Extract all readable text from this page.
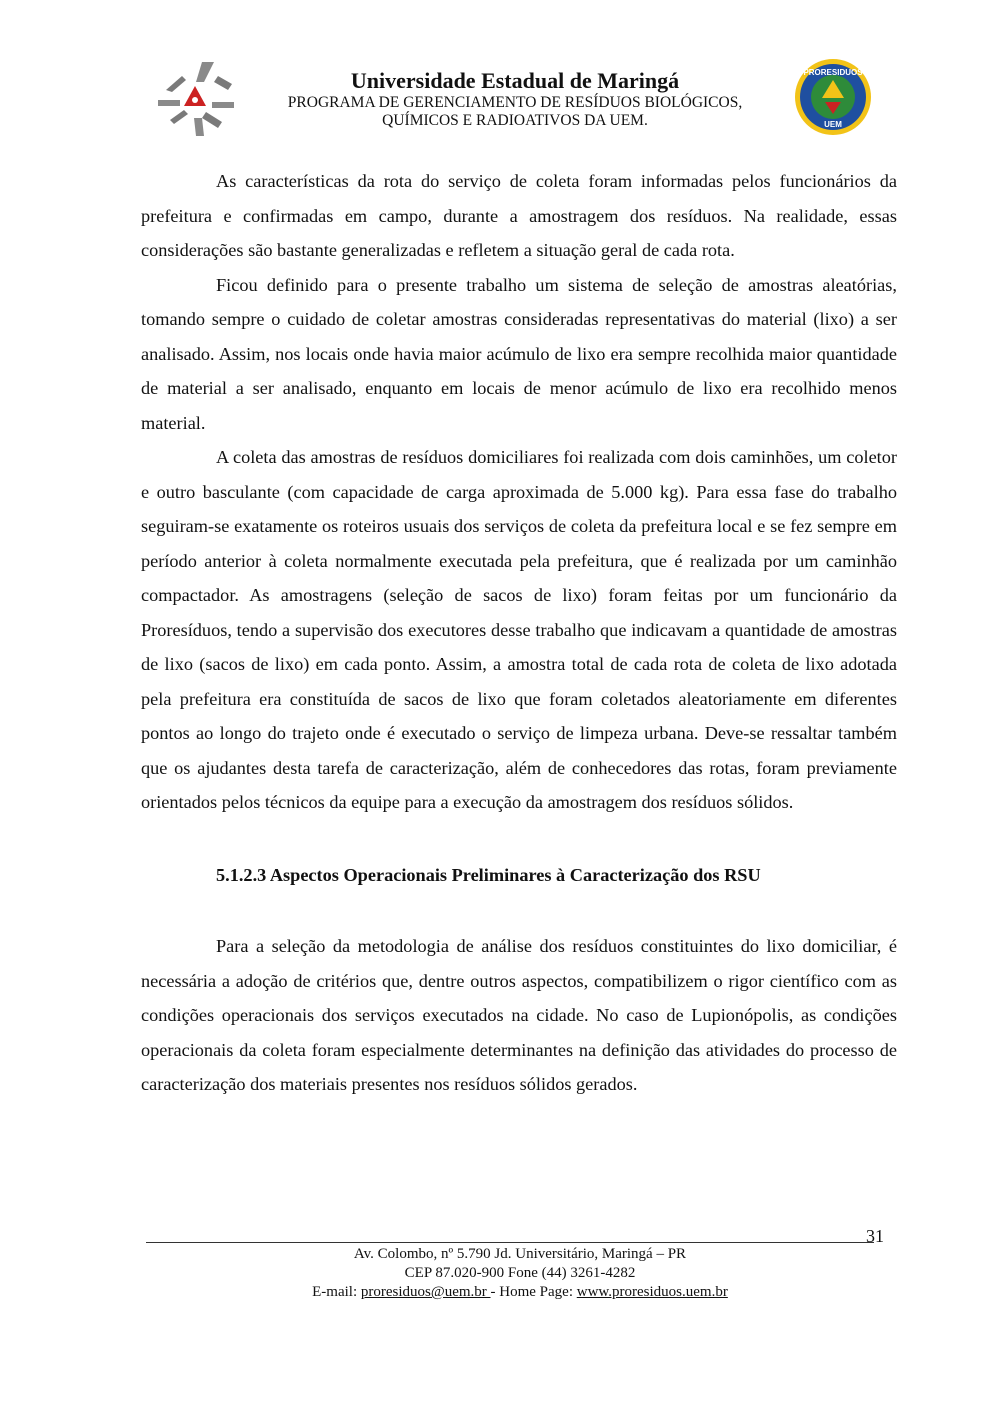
Universidade Estadual de Maringá
PROGRAMA DE GERENCIAMENTO DE RESÍDUOS BIOLÓGICOS,
QUÍMICOS E RADIOATIVOS DA UEM.
PRORESIDUOS
UEM

As características da rota do serviço de coleta foram informadas pelos funcionários da prefeitura e confirmadas em campo, durante a amostragem dos resíduos. Na realidade, essas considerações são bastante generalizadas e refletem a situação geral de cada rota.

Ficou definido para o presente trabalho um sistema de seleção de amostras aleatórias, tomando sempre o cuidado de coletar amostras consideradas representativas do material (lixo) a ser analisado. Assim, nos locais onde havia maior acúmulo de lixo era sempre recolhida maior quantidade de material a ser analisado, enquanto em locais de menor acúmulo de lixo era recolhido menos material.

A coleta das amostras de resíduos domiciliares foi realizada com dois caminhões, um coletor e outro basculante (com capacidade de carga aproximada de 5.000 kg). Para essa fase do trabalho seguiram-se exatamente os roteiros usuais dos serviços de coleta da prefeitura local e se fez sempre em período anterior à coleta normalmente executada pela prefeitura, que é realizada por um caminhão compactador. As amostragens (seleção de sacos de lixo) foram feitas por um funcionário da Proresíduos, tendo a supervisão dos executores desse trabalho que indicavam a quantidade de amostras de lixo (sacos de lixo) em cada ponto. Assim, a amostra total de cada rota de coleta de lixo adotada pela prefeitura era constituída de sacos de lixo que foram coletados aleatoriamente em diferentes pontos ao longo do trajeto onde é executado o serviço de limpeza urbana. Deve-se ressaltar também que os ajudantes desta tarefa de caracterização, além de conhecedores das rotas, foram previamente orientados pelos técnicos da equipe para a execução da amostragem dos resíduos sólidos.

5.1.2.3 Aspectos Operacionais Preliminares à Caracterização dos RSU

Para a seleção da metodologia de análise dos resíduos constituintes do lixo domiciliar, é necessária a adoção de critérios que, dentre outros aspectos, compatibilizem o rigor científico com as condições operacionais dos serviços executados na cidade. No caso de Lupionópolis, as condições operacionais da coleta foram especialmente determinantes na definição das atividades do processo de caracterização dos materiais presentes nos resíduos sólidos gerados.

31
Av. Colombo, nº 5.790 Jd. Universitário, Maringá – PR
CEP 87.020-900 Fone (44) 3261-4282
E-mail: proresiduos@uem.br - Home Page: www.proresiduos.uem.br
